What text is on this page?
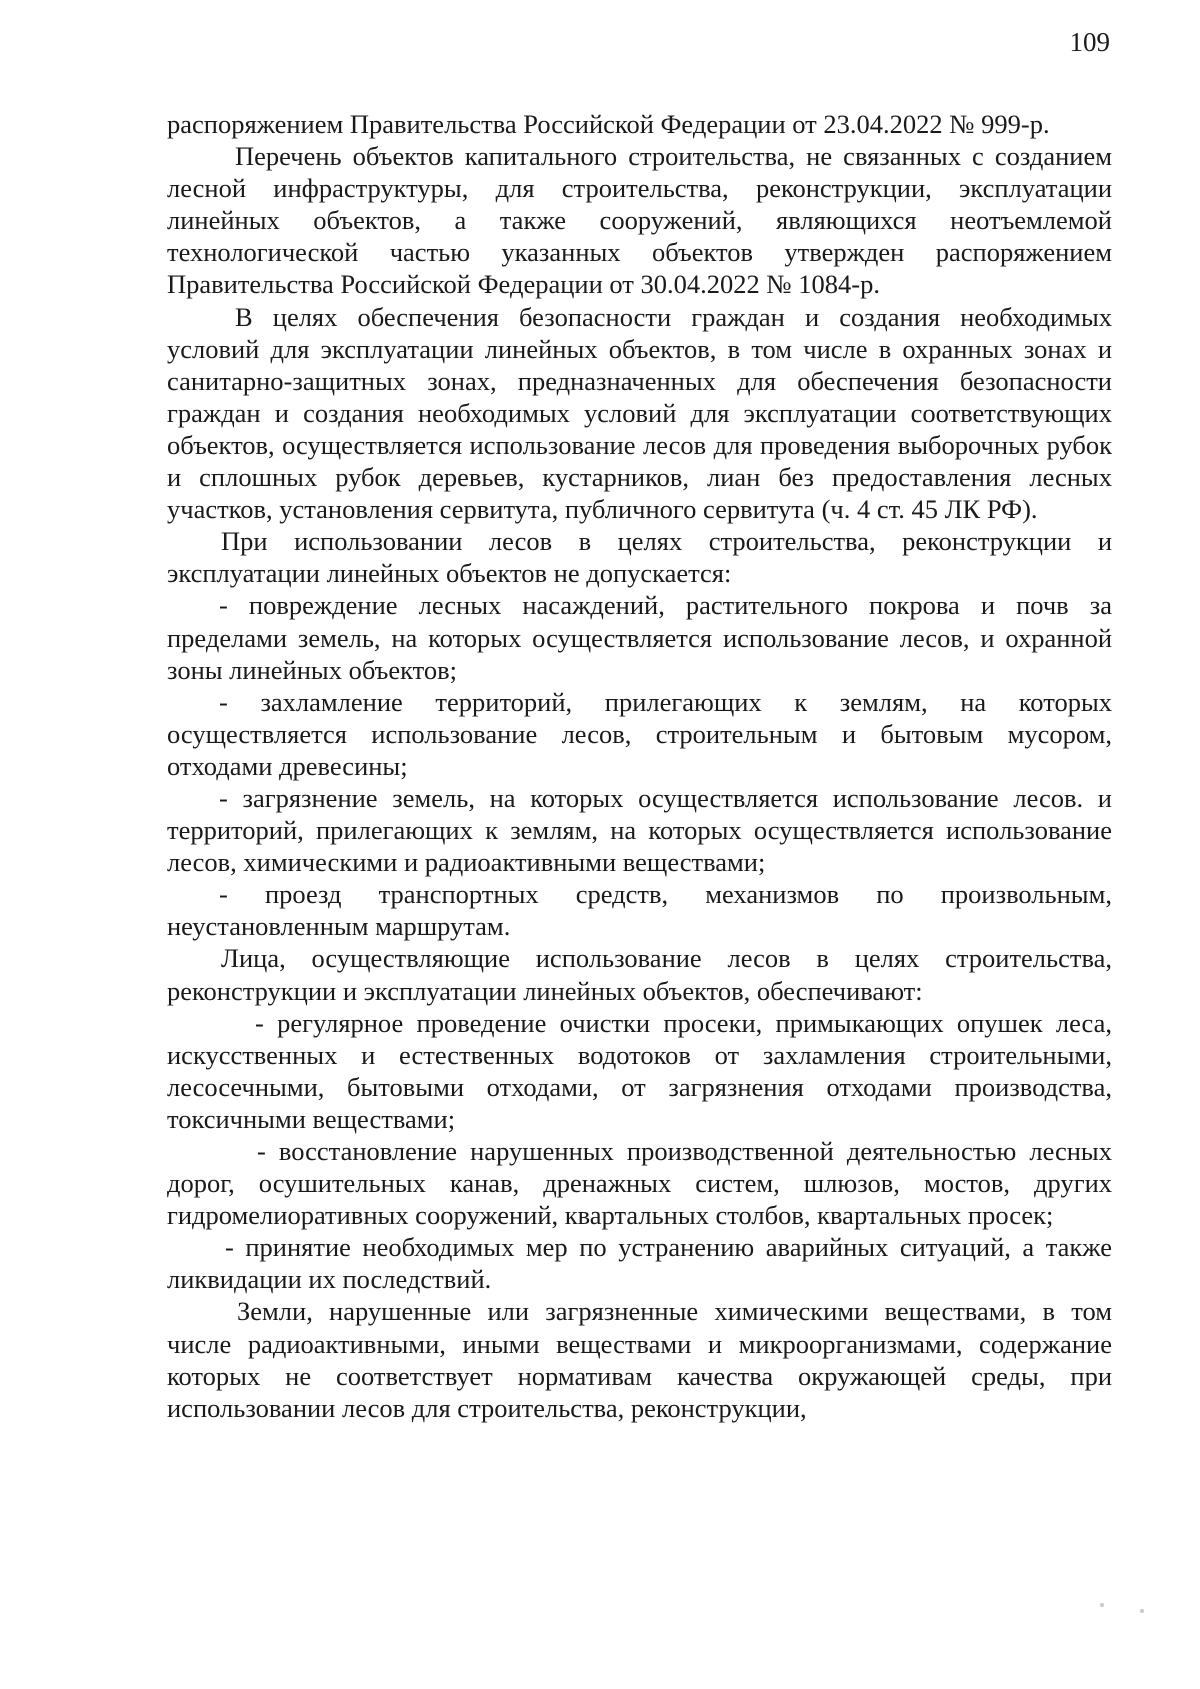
109

распоряжением Правительства Российской Федерации от 23.04.2022 № 999-р.

Перечень объектов капитального строительства, не связанных с созданием лесной инфраструктуры, для строительства, реконструкции, эксплуатации линейных объектов, а также сооружений, являющихся неотъемлемой технологической частью указанных объектов утвержден распоряжением Правительства Российской Федерации от 30.04.2022 № 1084-р.

В целях обеспечения безопасности граждан и создания необходимых условий для эксплуатации линейных объектов, в том числе в охранных зонах и санитарно-защитных зонах, предназначенных для обеспечения безопасности граждан и создания необходимых условий для эксплуатации соответствующих объектов, осуществляется использование лесов для проведения выборочных рубок и сплошных рубок деревьев, кустарников, лиан без предоставления лесных участков, установления сервитута, публичного сервитута (ч. 4 ст. 45 ЛК РФ).

При использовании лесов в целях строительства, реконструкции и эксплуатации линейных объектов не допускается:

- повреждение лесных насаждений, растительного покрова и почв за пределами земель, на которых осуществляется использование лесов, и охранной зоны линейных объектов;

- захламление территорий, прилегающих к землям, на которых осуществляется использование лесов, строительным и бытовым мусором, отходами древесины;

- загрязнение земель, на которых осуществляется использование лесов. и территорий, прилегающих к землям, на которых осуществляется использование лесов, химическими и радиоактивными веществами;

- проезд транспортных средств, механизмов по произвольным, неустановленным маршрутам.

Лица, осуществляющие использование лесов в целях строительства, реконструкции и эксплуатации линейных объектов, обеспечивают:

- регулярное проведение очистки просеки, примыкающих опушек леса, искусственных и естественных водотоков от захламления строительными, лесосечными, бытовыми отходами, от загрязнения отходами производства, токсичными веществами;

- восстановление нарушенных производственной деятельностью лесных дорог, осушительных канав, дренажных систем, шлюзов, мостов, других гидромелиоративных сооружений, квартальных столбов, квартальных просек;

- принятие необходимых мер по устранению аварийных ситуаций, а также ликвидации их последствий.

Земли, нарушенные или загрязненные химическими веществами, в том числе радиоактивными, иными веществами и микроорганизмами, содержание которых не соответствует нормативам качества окружающей среды, при использовании лесов для строительства, реконструкции,
